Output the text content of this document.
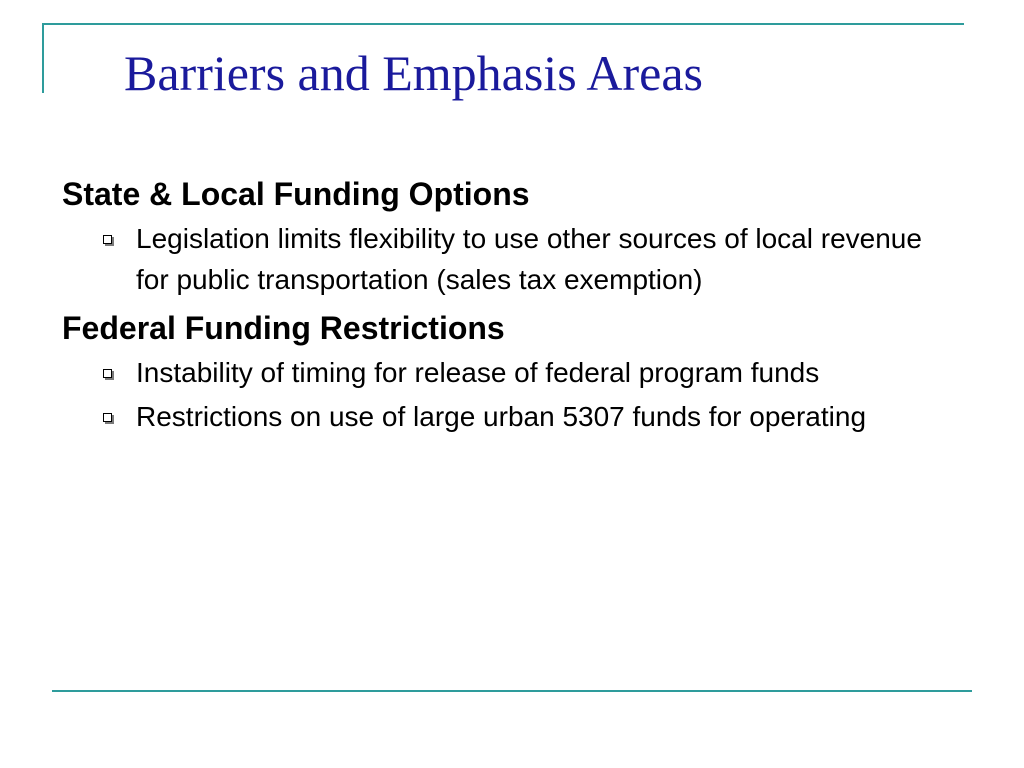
Barriers and Emphasis Areas

State & Local Funding Options

Legislation limits flexibility to use other sources of local revenue for public transportation (sales tax exemption)

Federal Funding Restrictions

Instability of timing for release of federal program funds
Restrictions on use of large urban 5307 funds for operating
